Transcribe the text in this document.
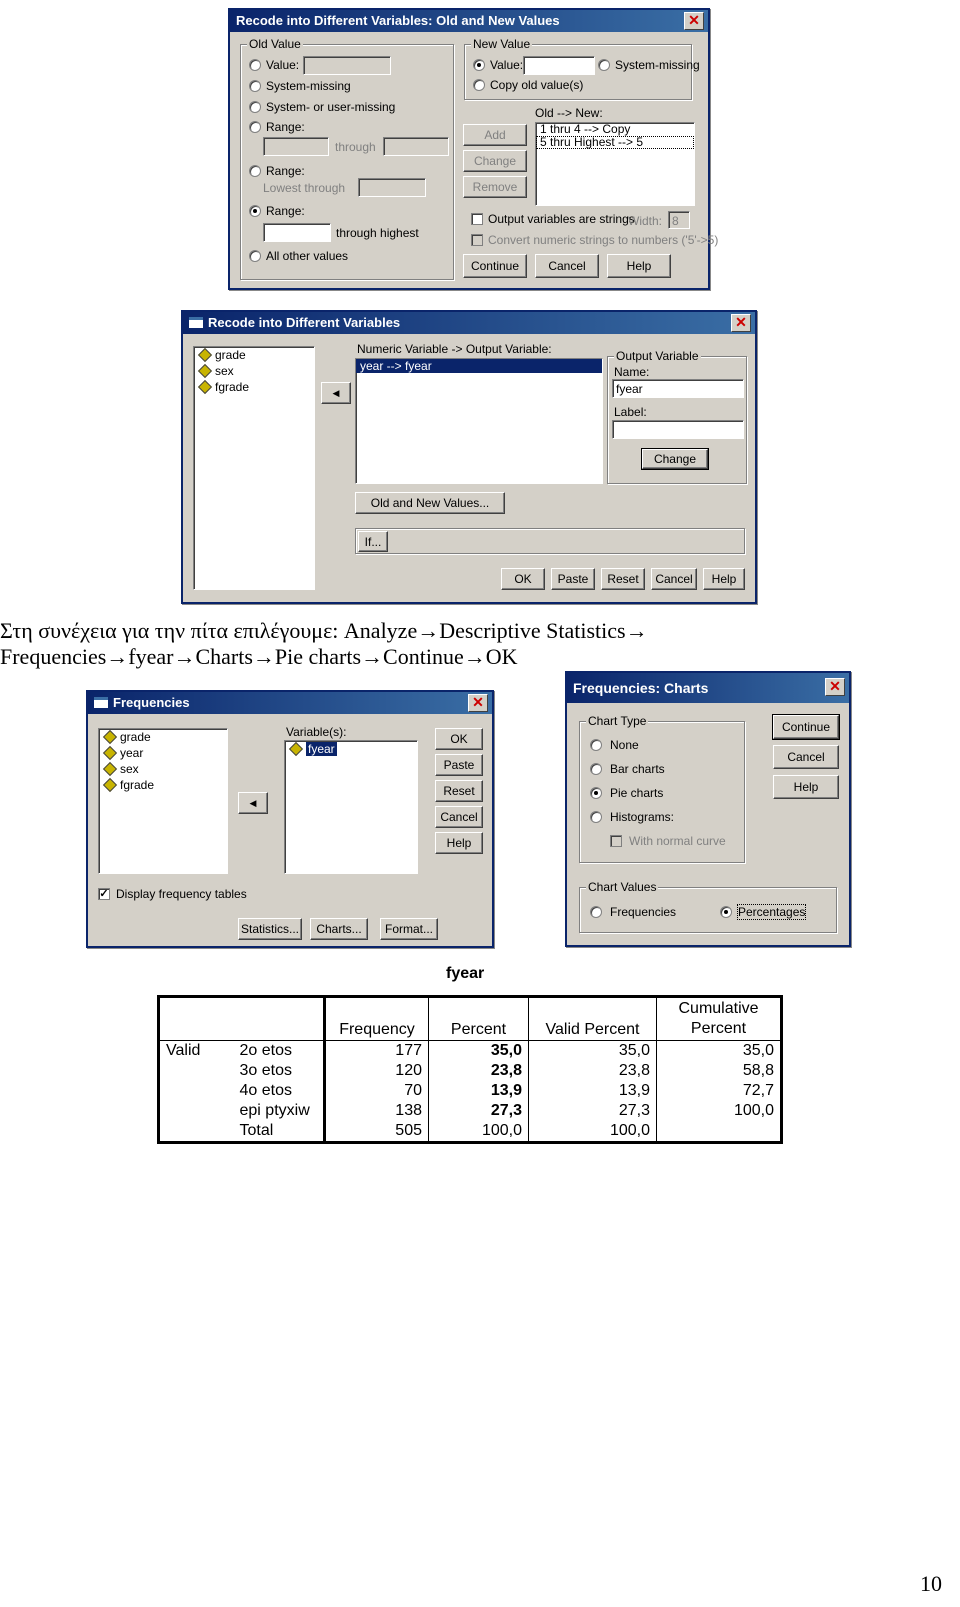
Recode into Different Variables: Old and New Values	✕
Old Value
Value:
System-missing
System- or user-missing
Range:
through
Range:
Lowest through
Range:
through highest
All other values
New Value
Value:	System-missing
Copy old value(s)
Old --> New:
Add
Change
Remove
1 thru 4 --> Copy
5 thru Highest --> 5
Output variables are strings
Width: 8
Convert numeric strings to numbers ('5'->5)
Continue	Cancel	Help
Recode into Different Variables	✕
grade
sex
fgrade	◀
Numeric Variable -> Output Variable:
year --> fyear
Output Variable
Name:
fyear
Label:
Change
Old and New Values...
If...
OK	Paste	Reset	Cancel	Help
Στη συνέχεια για την πίτα επιλέγουμε: Analyze→Descriptive Statistics→
Frequencies→fyear→Charts→Pie charts→Continue→OK
Frequencies	✕
grade
year
sex
fgrade
◀
Variable(s):
fyear
OK
Paste
Reset
Cancel
Help
✓ Display frequency tables
Statistics...	Charts...	Format...
Frequencies: Charts	✕
Chart Type
None
Bar charts
Pie charts
Histograms:
With normal curve
Chart Values
Frequencies	Percentages
Continue
Cancel
Help
fyear
		Frequency	Percent	Valid Percent	Cumulative
Percent
Valid	2o etos	177	35,0	35,0	35,0
	3o etos	120	23,8	23,8	58,8
	4o etos	70	13,9	13,9	72,7
	epi ptyxiw	138	27,3	27,3	100,0
	Total	505	100,0	100,0	
10
